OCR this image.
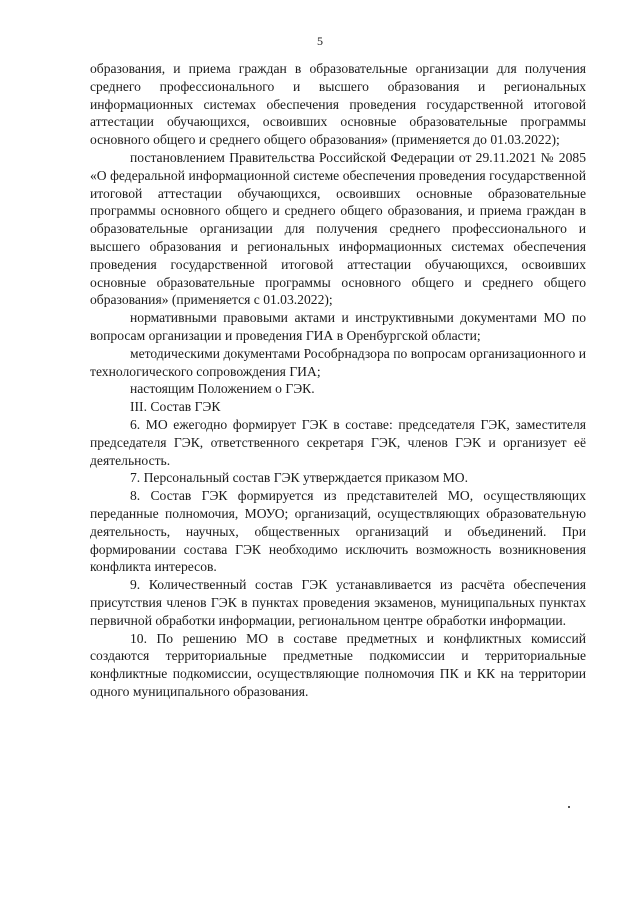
5

образования, и приема граждан в образовательные организации для получения среднего профессионального и высшего образования и региональных информационных системах обеспечения проведения государственной итоговой аттестации обучающихся, освоивших основные образовательные программы основного общего и среднего общего образования» (применяется до 01.03.2022);

постановлением Правительства Российской Федерации от 29.11.2021 № 2085 «О федеральной информационной системе обеспечения проведения государственной итоговой аттестации обучающихся, освоивших основные образовательные программы основного общего и среднего общего образования, и приема граждан в образовательные организации для получения среднего профессионального и высшего образования и региональных информационных системах обеспечения проведения государственной итоговой аттестации обучающихся, освоивших основные образовательные программы основного общего и среднего общего образования» (применяется с 01.03.2022);

нормативными правовыми актами и инструктивными документами МО по вопросам организации и проведения ГИА в Оренбургской области;

методическими документами Рособрнадзора по вопросам организационного и технологического сопровождения ГИА;

настоящим Положением о ГЭК.

III. Состав ГЭК

6. МО ежегодно формирует ГЭК в составе: председателя ГЭК, заместителя председателя ГЭК, ответственного секретаря ГЭК, членов ГЭК и организует её деятельность.

7. Персональный состав ГЭК утверждается приказом МО.

8. Состав ГЭК формируется из представителей МО, осуществляющих переданные полномочия, МОУО; организаций, осуществляющих образовательную деятельность, научных, общественных организаций и объединений. При формировании состава ГЭК необходимо исключить возможность возникновения конфликта интересов.

9. Количественный состав ГЭК устанавливается из расчёта обеспечения присутствия членов ГЭК в пунктах проведения экзаменов, муниципальных пунктах первичной обработки информации, региональном центре обработки информации.

10. По решению МО в составе предметных и конфликтных комиссий создаются территориальные предметные подкомиссии и территориальные конфликтные подкомиссии, осуществляющие полномочия ПК и КК на территории одного муниципального образования.
